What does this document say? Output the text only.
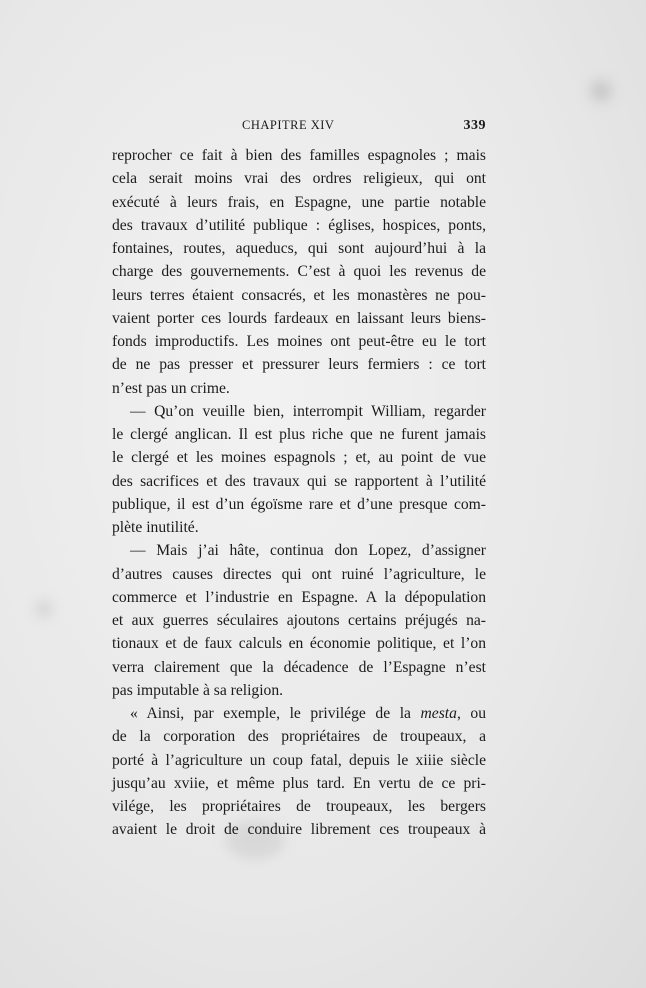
CHAPITRE XIV	339
reprocher ce fait à bien des familles espagnoles ; mais
cela serait moins vrai des ordres religieux, qui ont
exécuté à leurs frais, en Espagne, une partie notable
des travaux d’utilité publique : églises, hospices, ponts,
fontaines, routes, aqueducs, qui sont aujourd’hui à la
charge des gouvernements. C’est à quoi les revenus de
leurs terres étaient consacrés, et les monastères ne pou-
vaient porter ces lourds fardeaux en laissant leurs biens-
fonds improductifs. Les moines ont peut-être eu le tort
de ne pas presser et pressurer leurs fermiers : ce tort
n’est pas un crime.
— Qu’on veuille bien, interrompit William, regarder
le clergé anglican. Il est plus riche que ne furent jamais
le clergé et les moines espagnols ; et, au point de vue
des sacrifices et des travaux qui se rapportent à l’utilité
publique, il est d’un égoïsme rare et d’une presque com-
plète inutilité.
— Mais j’ai hâte, continua don Lopez, d’assigner
d’autres causes directes qui ont ruiné l’agriculture, le
commerce et l’industrie en Espagne. A la dépopulation
et aux guerres séculaires ajoutons certains préjugés na-
tionaux et de faux calculs en économie politique, et l’on
verra clairement que la décadence de l’Espagne n’est
pas imputable à sa religion.
« Ainsi, par exemple, le privilége de la mesta, ou
de la corporation des propriétaires de troupeaux, a
porté à l’agriculture un coup fatal, depuis le xiiie siècle
jusqu’au xviie, et même plus tard. En vertu de ce pri-
vilége, les propriétaires de troupeaux, les bergers
avaient le droit de conduire librement ces troupeaux à
